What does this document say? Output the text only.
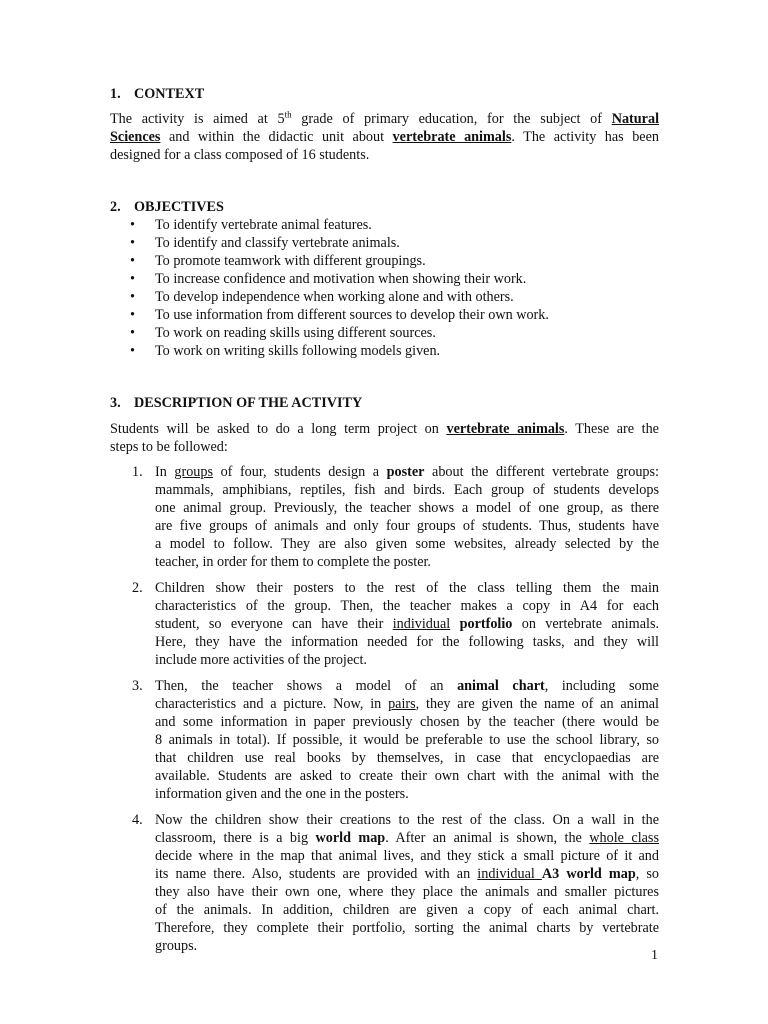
1. CONTEXT
The activity is aimed at 5th grade of primary education, for the subject of Natural
Sciences and within the didactic unit about vertebrate animals. The activity has been
designed for a class composed of 16 students.
2. OBJECTIVES
• To identify vertebrate animal features.
• To identify and classify vertebrate animals.
• To promote teamwork with different groupings.
• To increase confidence and motivation when showing their work.
• To develop independence when working alone and with others.
• To use information from different sources to develop their own work.
• To work on reading skills using different sources.
• To work on writing skills following models given.
3. DESCRIPTION OF THE ACTIVITY
Students will be asked to do a long term project on vertebrate animals. These are the
steps to be followed:
1. In groups of four, students design a poster about the different vertebrate groups:
mammals, amphibians, reptiles, fish and birds. Each group of students develops
one animal group. Previously, the teacher shows a model of one group, as there
are five groups of animals and only four groups of students. Thus, students have
a model to follow. They are also given some websites, already selected by the
teacher, in order for them to complete the poster.
2. Children show their posters to the rest of the class telling them the main
characteristics of the group. Then, the teacher makes a copy in A4 for each
student, so everyone can have their individual portfolio on vertebrate animals.
Here, they have the information needed for the following tasks, and they will
include more activities of the project.
3. Then, the teacher shows a model of an animal chart, including some
characteristics and a picture. Now, in pairs, they are given the name of an animal
and some information in paper previously chosen by the teacher (there would be
8 animals in total). If possible, it would be preferable to use the school library, so
that children use real books by themselves, in case that encyclopaedias are
available. Students are asked to create their own chart with the animal with the
information given and the one in the posters.
4. Now the children show their creations to the rest of the class. On a wall in the
classroom, there is a big world map. After an animal is shown, the whole class
decide where in the map that animal lives, and they stick a small picture of it and
its name there. Also, students are provided with an individual A3 world map, so
they also have their own one, where they place the animals and smaller pictures
of the animals. In addition, children are given a copy of each animal chart.
Therefore, they complete their portfolio, sorting the animal charts by vertebrate
groups.
1
